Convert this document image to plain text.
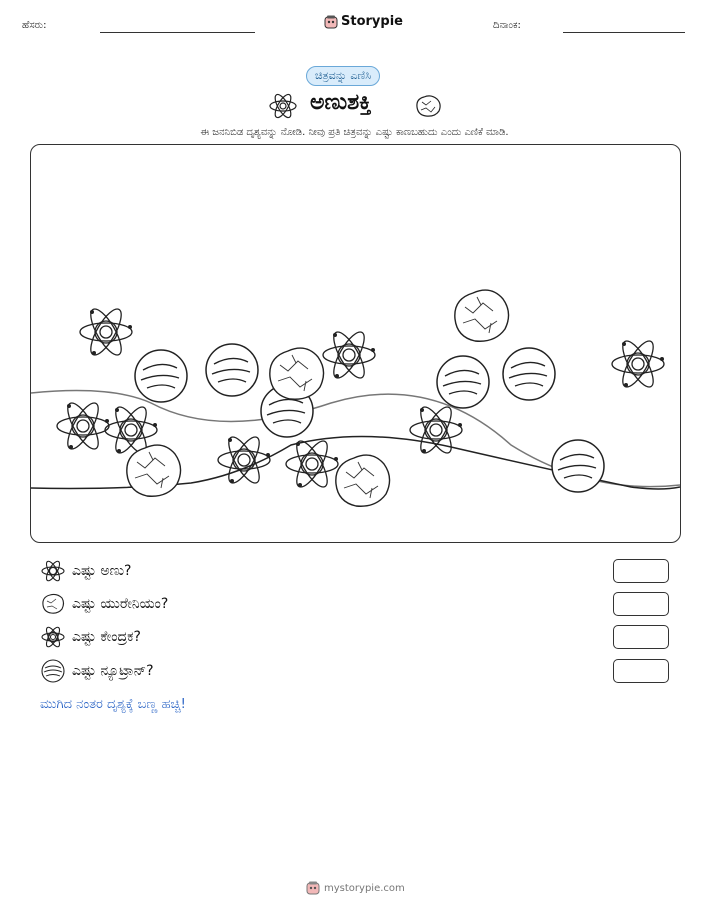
ಹೆಸರು:	Storypie	ದಿನಾಂಕ:
ಚಿತ್ರವನ್ನು ಎಣಿಸಿ
ಅಣುಶಕ್ತಿ
ಈ ಜನನಿಬಿಡ ದೃಶ್ಯವನ್ನು ನೋಡಿ. ನೀವು ಪ್ರತಿ ಚಿತ್ರವನ್ನು ಎಷ್ಟು ಕಾಣಬಹುದು ಎಂದು ಎಣಿಕೆ ಮಾಡಿ.
ಎಷ್ಟು ಅಣು?
ಎಷ್ಟು ಯುರೇನಿಯಂ?
ಎಷ್ಟು ಕೇಂದ್ರಕ?
ಎಷ್ಟು ನ್ಯೂಟ್ರಾನ್?
ಮುಗಿದ ನಂತರ ದೃಶ್ಯಕ್ಕೆ ಬಣ್ಣ ಹಚ್ಚಿ!
mystorypie.com
